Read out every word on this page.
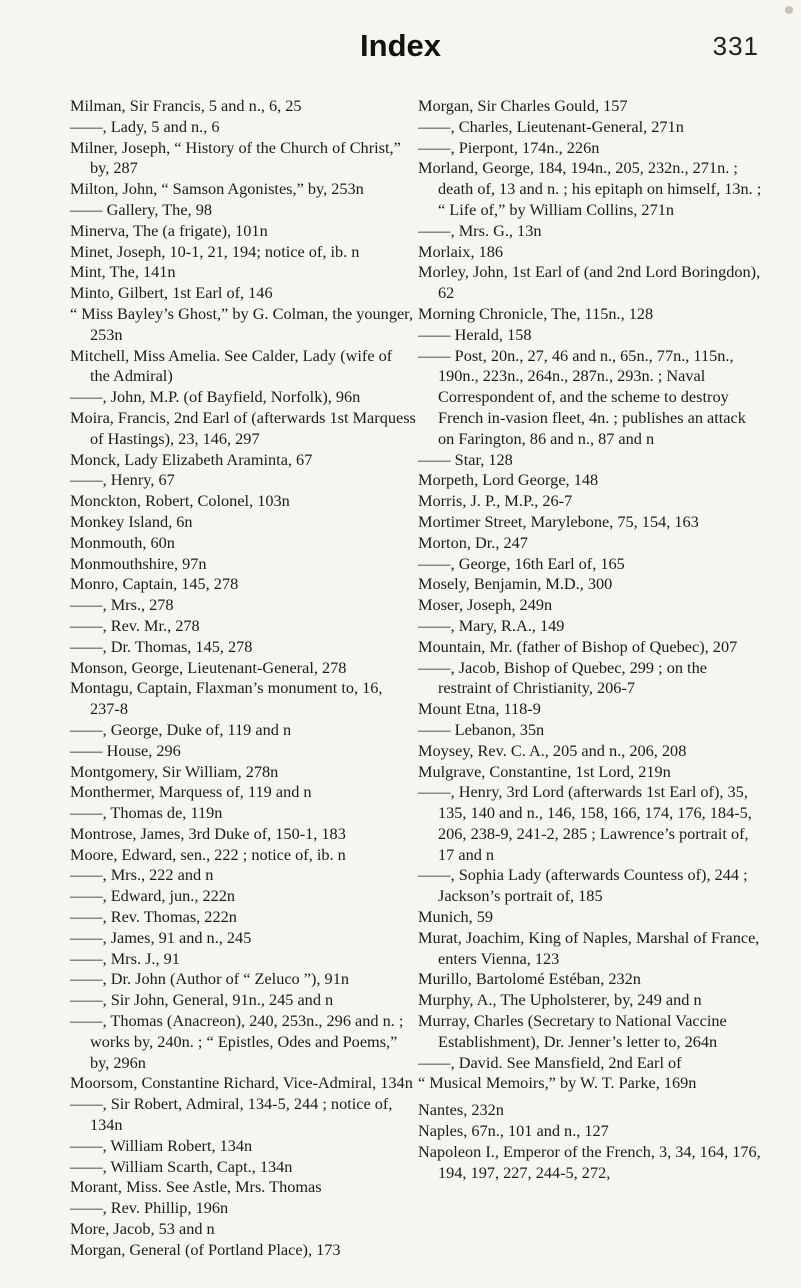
Index	331

Milman, Sir Francis, 5 and n., 6, 25

——, Lady, 5 and n., 6

Milner, Joseph, “ History of the Church of Christ,” by, 287

Milton, John, “ Samson Agonistes,” by, 253n

—— Gallery, The, 98

Minerva, The (a frigate), 101n

Minet, Joseph, 10-1, 21, 194; notice of, ib. n

Mint, The, 141n

Minto, Gilbert, 1st Earl of, 146

“ Miss Bayley’s Ghost,” by G. Colman, the younger, 253n

Mitchell, Miss Amelia. See Calder, Lady (wife of the Admiral)

——, John, M.P. (of Bayfield, Norfolk), 96n

Moira, Francis, 2nd Earl of (afterwards 1st Marquess of Hastings), 23, 146, 297

Monck, Lady Elizabeth Araminta, 67

——, Henry, 67

Monckton, Robert, Colonel, 103n

Monkey Island, 6n

Monmouth, 60n

Monmouthshire, 97n

Monro, Captain, 145, 278

——, Mrs., 278

——, Rev. Mr., 278

——, Dr. Thomas, 145, 278

Monson, George, Lieutenant-General, 278

Montagu, Captain, Flaxman’s monument to, 16, 237-8

——, George, Duke of, 119 and n

—— House, 296

Montgomery, Sir William, 278n

Monthermer, Marquess of, 119 and n

——, Thomas de, 119n

Montrose, James, 3rd Duke of, 150-1, 183

Moore, Edward, sen., 222 ; notice of, ib. n

——, Mrs., 222 and n

——, Edward, jun., 222n

——, Rev. Thomas, 222n

——, James, 91 and n., 245

——, Mrs. J., 91

——, Dr. John (Author of “ Zeluco ”), 91n

——, Sir John, General, 91n., 245 and n

——, Thomas (Anacreon), 240, 253n., 296 and n. ; works by, 240n. ; “ Epistles, Odes and Poems,” by, 296n

Moorsom, Constantine Richard, Vice-Admiral, 134n

——, Sir Robert, Admiral, 134-5, 244 ; notice of, 134n

——, William Robert, 134n

——, William Scarth, Capt., 134n

Morant, Miss. See Astle, Mrs. Thomas

——, Rev. Phillip, 196n

More, Jacob, 53 and n

Morgan, General (of Portland Place), 173

Morgan, Sir Charles Gould, 157

——, Charles, Lieutenant-General, 271n

——, Pierpont, 174n., 226n

Morland, George, 184, 194n., 205, 232n., 271n. ; death of, 13 and n. ; his epitaph on himself, 13n. ; “ Life of,” by William Collins, 271n

——, Mrs. G., 13n

Morlaix, 186

Morley, John, 1st Earl of (and 2nd Lord Boringdon), 62

Morning Chronicle, The, 115n., 128

—— Herald, 158

—— Post, 20n., 27, 46 and n., 65n., 77n., 115n., 190n., 223n., 264n., 287n., 293n. ; Naval Correspondent of, and the scheme to destroy French in-vasion fleet, 4n. ; publishes an attack on Farington, 86 and n., 87 and n

—— Star, 128

Morpeth, Lord George, 148

Morris, J. P., M.P., 26-7

Mortimer Street, Marylebone, 75, 154, 163

Morton, Dr., 247

——, George, 16th Earl of, 165

Mosely, Benjamin, M.D., 300

Moser, Joseph, 249n

——, Mary, R.A., 149

Mountain, Mr. (father of Bishop of Quebec), 207

——, Jacob, Bishop of Quebec, 299 ; on the restraint of Christianity, 206-7

Mount Etna, 118-9

—— Lebanon, 35n

Moysey, Rev. C. A., 205 and n., 206, 208

Mulgrave, Constantine, 1st Lord, 219n

——, Henry, 3rd Lord (afterwards 1st Earl of), 35, 135, 140 and n., 146, 158, 166, 174, 176, 184-5, 206, 238-9, 241-2, 285 ; Lawrence’s portrait of, 17 and n

——, Sophia Lady (afterwards Countess of), 244 ; Jackson’s portrait of, 185

Munich, 59

Murat, Joachim, King of Naples, Marshal of France, enters Vienna, 123

Murillo, Bartolomé Estéban, 232n

Murphy, A., The Upholsterer, by, 249 and n

Murray, Charles (Secretary to National Vaccine Establishment), Dr. Jenner’s letter to, 264n

——, David. See Mansfield, 2nd Earl of

“ Musical Memoirs,” by W. T. Parke, 169n

Nantes, 232n

Naples, 67n., 101 and n., 127

Napoleon I., Emperor of the French, 3, 34, 164, 176, 194, 197, 227, 244-5, 272,
